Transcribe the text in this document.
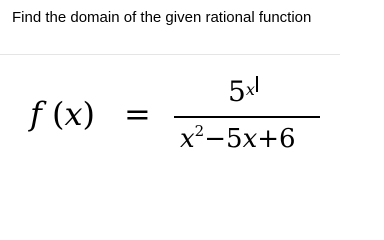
Find the domain of the given rational function
f (x) =
$5^x$
$x^2-5x+6$
